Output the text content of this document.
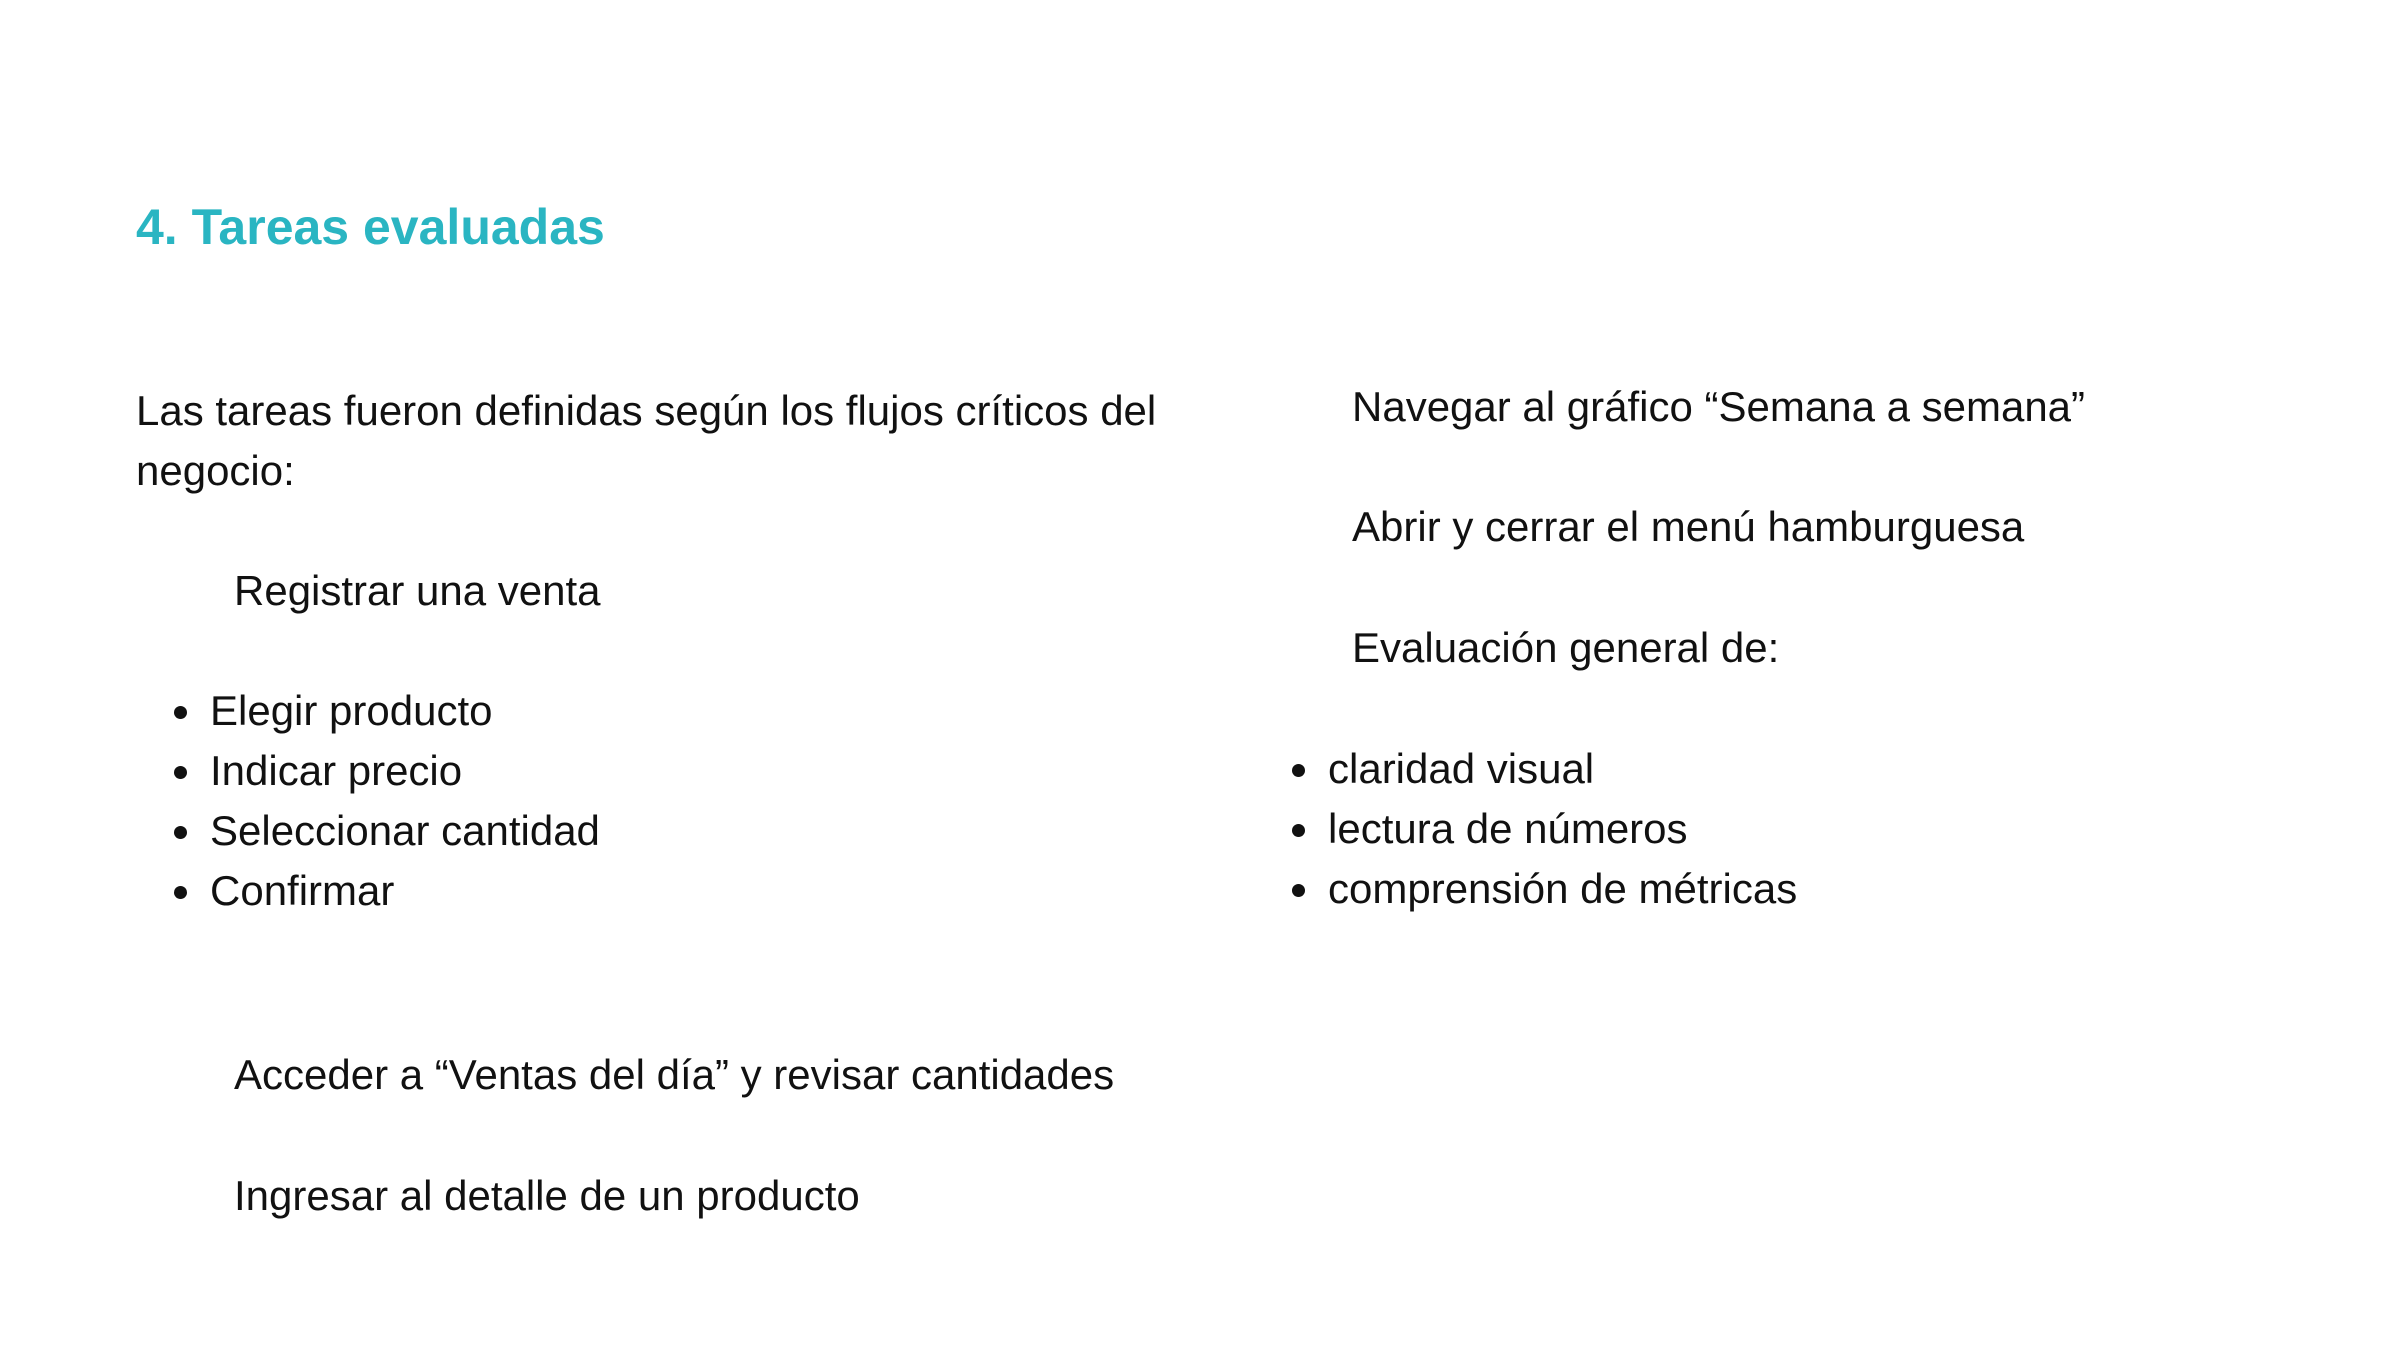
4. Tareas evaluadas

Las tareas fueron definidas según los flujos críticos del negocio:

Registrar una venta

Elegir producto
Indicar precio
Seleccionar cantidad
Confirmar

Acceder a “Ventas del día” y revisar cantidades

Ingresar al detalle de un producto

Navegar al gráfico “Semana a semana”

Abrir y cerrar el menú hamburguesa

Evaluación general de:

claridad visual
lectura de números
comprensión de métricas
